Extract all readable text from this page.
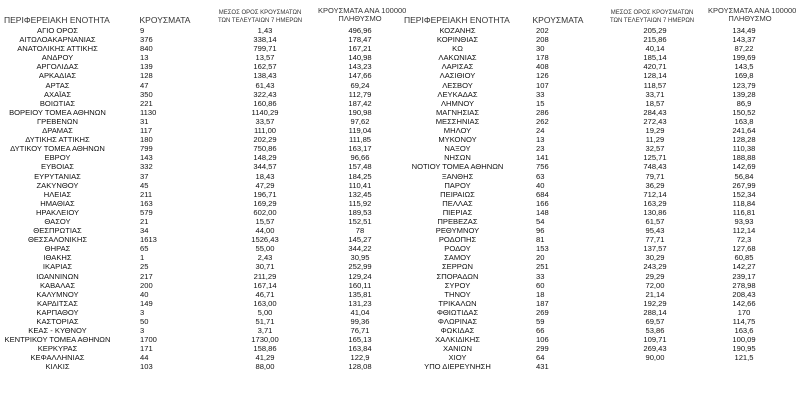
ΠΕΡΙΦΕΡΕΙΑΚΗ ΕΝΟΤΗΤΑ	ΚΡΟΥΣΜΑΤΑ
ΜΕΣΟΣ ΟΡΟΣ ΚΡΟΥΣΜΑΤΩΝ
ΤΩΝ ΤΕΛΕΥΤΑΙΩΝ 7 ΗΜΕΡΩΝ
ΚΡΟΥΣΜΑΤΑ ΑΝΑ 100000
ΠΛΗΘΥΣΜΟ
ΑΓΙΟ ΟΡΟΣ	9	1,43	496,96
ΑΙΤΩΛΟΑΚΑΡΝΑΝΙΑΣ	376	338,14	178,47
ΑΝΑΤΟΛΙΚΗΣ ΑΤΤΙΚΗΣ	840	799,71	167,21
ΑΝΔΡΟΥ	13	13,57	140,98
ΑΡΓΟΛΙΔΑΣ	139	162,57	143,23
ΑΡΚΑΔΙΑΣ	128	138,43	147,66
ΑΡΤΑΣ	47	61,43	69,24
ΑΧΑΪΑΣ	350	322,43	112,79
ΒΟΙΩΤΙΑΣ	221	160,86	187,42
ΒΟΡΕΙΟΥ ΤΟΜΕΑ ΑΘΗΝΩΝ	1130	1140,29	190,98
ΓΡΕΒΕΝΩΝ	31	33,57	97,62
ΔΡΑΜΑΣ	117	111,00	119,04
ΔΥΤΙΚΗΣ ΑΤΤΙΚΗΣ	180	202,29	111,85
ΔΥΤΙΚΟΥ ΤΟΜΕΑ ΑΘΗΝΩΝ	799	750,86	163,17
ΕΒΡΟΥ	143	148,29	96,66
ΕΥΒΟΙΑΣ	332	344,57	157,48
ΕΥΡΥΤΑΝΙΑΣ	37	18,43	184,25
ΖΑΚΥΝΘΟΥ	45	47,29	110,41
ΗΛΕΙΑΣ	211	196,71	132,45
ΗΜΑΘΙΑΣ	163	169,29	115,92
ΗΡΑΚΛΕΙΟΥ	579	602,00	189,53
ΘΑΣΟΥ	21	15,57	152,51
ΘΕΣΠΡΩΤΙΑΣ	34	44,00	78
ΘΕΣΣΑΛΟΝΙΚΗΣ	1613	1526,43	145,27
ΘΗΡΑΣ	65	55,00	344,22
ΙΘΑΚΗΣ	1	2,43	30,95
ΙΚΑΡΙΑΣ	25	30,71	252,99
ΙΩΑΝΝΙΝΩΝ	217	211,29	129,24
ΚΑΒΑΛΑΣ	200	167,14	160,11
ΚΑΛΥΜΝΟΥ	40	46,71	135,81
ΚΑΡΔΙΤΣΑΣ	149	163,00	131,23
ΚΑΡΠΑΘΟΥ	3	5,00	41,04
ΚΑΣΤΟΡΙΑΣ	50	51,71	99,36
ΚΕΑΣ - ΚΥΘΝΟΥ	3	3,71	76,71
ΚΕΝΤΡΙΚΟΥ ΤΟΜΕΑ ΑΘΗΝΩΝ	1700	1730,00	165,13
ΚΕΡΚΥΡΑΣ	171	158,86	163,84
ΚΕΦΑΛΛΗΝΙΑΣ	44	41,29	122,9
ΚΙΛΚΙΣ	103	88,00	128,08
ΠΕΡΙΦΕΡΕΙΑΚΗ ΕΝΟΤΗΤΑ	ΚΡΟΥΣΜΑΤΑ
ΜΕΣΟΣ ΟΡΟΣ ΚΡΟΥΣΜΑΤΩΝ
ΤΩΝ ΤΕΛΕΥΤΑΙΩΝ 7 ΗΜΕΡΩΝ
ΚΡΟΥΣΜΑΤΑ ΑΝΑ 100000
ΠΛΗΘΥΣΜΟ
ΚΟΖΑΝΗΣ	202	205,29	134,49
ΚΟΡΙΝΘΙΑΣ	208	215,86	143,37
ΚΩ	30	40,14	87,22
ΛΑΚΩΝΙΑΣ	178	185,14	199,69
ΛΑΡΙΣΑΣ	408	420,71	143,5
ΛΑΣΙΘΙΟΥ	126	128,14	169,8
ΛΕΣΒΟΥ	107	118,57	123,79
ΛΕΥΚΑΔΑΣ	33	33,71	139,28
ΛΗΜΝΟΥ	15	18,57	86,9
ΜΑΓΝΗΣΙΑΣ	286	284,43	150,52
ΜΕΣΣΗΝΙΑΣ	262	272,43	163,8
ΜΗΛΟΥ	24	19,29	241,64
ΜΥΚΟΝΟΥ	13	11,29	128,28
ΝΑΞΟΥ	23	32,57	110,38
ΝΗΣΩΝ	141	125,71	188,88
ΝΟΤΙΟΥ ΤΟΜΕΑ ΑΘΗΝΩΝ	756	748,43	142,69
ΞΑΝΘΗΣ	63	79,71	56,84
ΠΑΡΟΥ	40	36,29	267,99
ΠΕΙΡΑΙΩΣ	684	712,14	152,34
ΠΕΛΛΑΣ	166	163,29	118,84
ΠΙΕΡΙΑΣ	148	130,86	116,81
ΠΡΕΒΕΖΑΣ	54	61,57	93,93
ΡΕΘΥΜΝΟΥ	96	95,43	112,14
ΡΟΔΟΠΗΣ	81	77,71	72,3
ΡΟΔΟΥ	153	137,57	127,68
ΣΑΜΟΥ	20	30,29	60,85
ΣΕΡΡΩΝ	251	243,29	142,27
ΣΠΟΡΑΔΩΝ	33	29,29	239,17
ΣΥΡΟΥ	60	72,00	278,98
ΤΗΝΟΥ	18	21,14	208,43
ΤΡΙΚΑΛΩΝ	187	192,29	142,66
ΦΘΙΩΤΙΔΑΣ	269	288,14	170
ΦΛΩΡΙΝΑΣ	59	69,57	114,75
ΦΩΚΙΔΑΣ	66	53,86	163,6
ΧΑΛΚΙΔΙΚΗΣ	106	109,71	100,09
ΧΑΝΙΩΝ	299	269,43	190,95
ΧΙΟΥ	64	90,00	121,5
ΥΠΟ ΔΙΕΡΕΥΝΗΣΗ	431
